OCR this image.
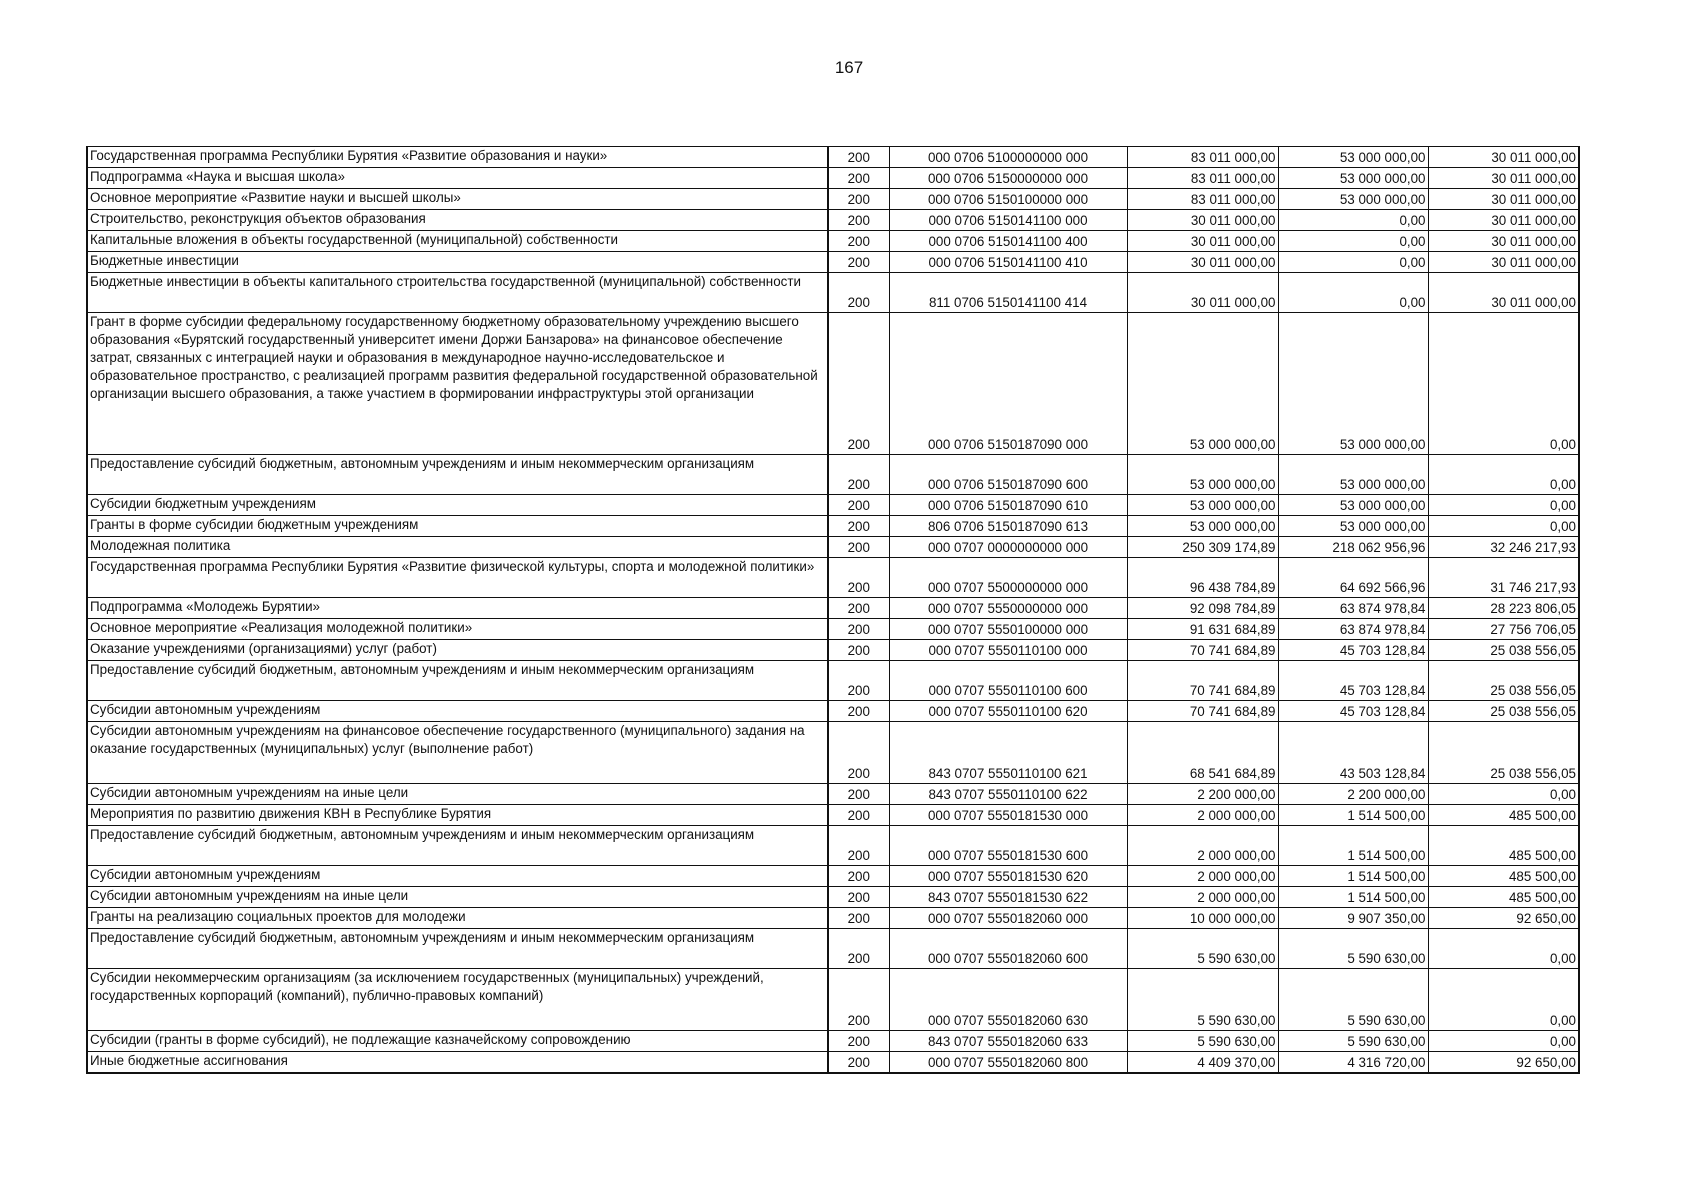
167
Государственная программа Республики Бурятия «Развитие образования и науки»	200	000 0706 5100000000 000	83 011 000,00	53 000 000,00	30 011 000,00
Подпрограмма «Наука и высшая школа»	200	000 0706 5150000000 000	83 011 000,00	53 000 000,00	30 011 000,00
Основное мероприятие «Развитие науки и высшей школы»	200	000 0706 5150100000 000	83 011 000,00	53 000 000,00	30 011 000,00
Строительство, реконструкция объектов образования	200	000 0706 5150141100 000	30 011 000,00	0,00	30 011 000,00
Капитальные вложения в объекты государственной (муниципальной) собственности	200	000 0706 5150141100 400	30 011 000,00	0,00	30 011 000,00
Бюджетные инвестиции	200	000 0706 5150141100 410	30 011 000,00	0,00	30 011 000,00
Бюджетные инвестиции в объекты капитального строительства государственной (муниципальной) собственности	200	811 0706 5150141100 414	30 011 000,00	0,00	30 011 000,00
Грант в форме субсидии федеральному государственному бюджетному образовательному учреждению высшего образования «Бурятский государственный университет имени Доржи Банзарова» на финансовое обеспечение затрат, связанных с интеграцией науки и образования в международное научно-исследовательское и образовательное пространство, с реализацией программ развития федеральной государственной образовательной организации высшего образования, а также участием в формировании инфраструктуры этой организации	200	000 0706 5150187090 000	53 000 000,00	53 000 000,00	0,00
Предоставление субсидий бюджетным, автономным учреждениям и иным некоммерческим организациям	200	000 0706 5150187090 600	53 000 000,00	53 000 000,00	0,00
Субсидии бюджетным учреждениям	200	000 0706 5150187090 610	53 000 000,00	53 000 000,00	0,00
Гранты в форме субсидии бюджетным учреждениям	200	806 0706 5150187090 613	53 000 000,00	53 000 000,00	0,00
Молодежная политика	200	000 0707 0000000000 000	250 309 174,89	218 062 956,96	32 246 217,93
Государственная программа Республики Бурятия «Развитие физической культуры, спорта и молодежной политики»	200	000 0707 5500000000 000	96 438 784,89	64 692 566,96	31 746 217,93
Подпрограмма «Молодежь Бурятии»	200	000 0707 5550000000 000	92 098 784,89	63 874 978,84	28 223 806,05
Основное мероприятие «Реализация молодежной политики»	200	000 0707 5550100000 000	91 631 684,89	63 874 978,84	27 756 706,05
Оказание учреждениями (организациями) услуг (работ)	200	000 0707 5550110100 000	70 741 684,89	45 703 128,84	25 038 556,05
Предоставление субсидий бюджетным, автономным учреждениям и иным некоммерческим организациям	200	000 0707 5550110100 600	70 741 684,89	45 703 128,84	25 038 556,05
Субсидии автономным учреждениям	200	000 0707 5550110100 620	70 741 684,89	45 703 128,84	25 038 556,05
Субсидии автономным учреждениям на финансовое обеспечение государственного (муниципального) задания на оказание государственных (муниципальных) услуг (выполнение работ)	200	843 0707 5550110100 621	68 541 684,89	43 503 128,84	25 038 556,05
Субсидии автономным учреждениям на иные цели	200	843 0707 5550110100 622	2 200 000,00	2 200 000,00	0,00
Мероприятия по развитию движения КВН в Республике Бурятия	200	000 0707 5550181530 000	2 000 000,00	1 514 500,00	485 500,00
Предоставление субсидий бюджетным, автономным учреждениям и иным некоммерческим организациям	200	000 0707 5550181530 600	2 000 000,00	1 514 500,00	485 500,00
Субсидии автономным учреждениям	200	000 0707 5550181530 620	2 000 000,00	1 514 500,00	485 500,00
Субсидии автономным учреждениям на иные цели	200	843 0707 5550181530 622	2 000 000,00	1 514 500,00	485 500,00
Гранты на реализацию социальных проектов для молодежи	200	000 0707 5550182060 000	10 000 000,00	9 907 350,00	92 650,00
Предоставление субсидий бюджетным, автономным учреждениям и иным некоммерческим организациям	200	000 0707 5550182060 600	5 590 630,00	5 590 630,00	0,00
Субсидии некоммерческим организациям (за исключением государственных (муниципальных) учреждений, государственных корпораций (компаний), публично-правовых компаний)	200	000 0707 5550182060 630	5 590 630,00	5 590 630,00	0,00
Субсидии (гранты в форме субсидий), не подлежащие казначейскому сопровождению	200	843 0707 5550182060 633	5 590 630,00	5 590 630,00	0,00
Иные бюджетные ассигнования	200	000 0707 5550182060 800	4 409 370,00	4 316 720,00	92 650,00
